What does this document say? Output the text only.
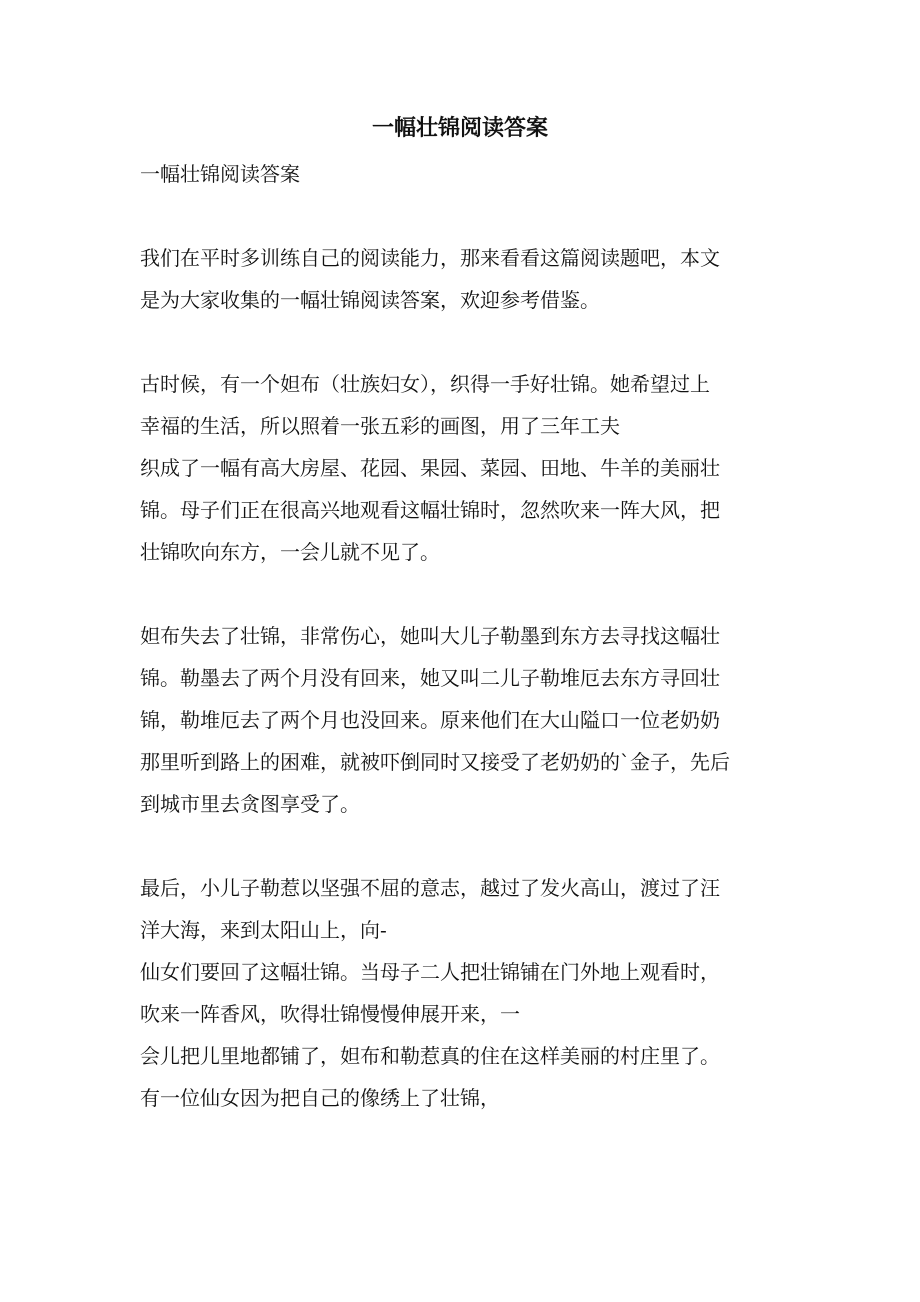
一幅壮锦阅读答案
一幅壮锦阅读答案
我们在平时多训练自己的阅读能力，那来看看这篇阅读题吧，本文
是为大家收集的一幅壮锦阅读答案，欢迎参考借鉴。
古时候，有一个妲布（壮族妇女），织得一手好壮锦。她希望过上
幸福的生活，所以照着一张五彩的画图，用了三年工夫
织成了一幅有高大房屋、花园、果园、菜园、田地、牛羊的美丽壮
锦。母子们正在很高兴地观看这幅壮锦时，忽然吹来一阵大风，把
壮锦吹向东方，一会儿就不见了。
妲布失去了壮锦，非常伤心，她叫大儿子勒墨到东方去寻找这幅壮
锦。勒墨去了两个月没有回来，她又叫二儿子勒堆厄去东方寻回壮
锦，勒堆厄去了两个月也没回来。原来他们在大山隘口一位老奶奶
那里听到路上的困难，就被吓倒同时又接受了老奶奶的`金子，先后
到城市里去贪图享受了。
最后，小儿子勒惹以坚强不屈的意志，越过了发火高山，渡过了汪
洋大海，来到太阳山上，向-
仙女们要回了这幅壮锦。当母子二人把壮锦铺在门外地上观看时，
吹来一阵香风，吹得壮锦慢慢伸展开来，一
会儿把儿里地都铺了，妲布和勒惹真的住在这样美丽的村庄里了。
有一位仙女因为把自己的像绣上了壮锦，
